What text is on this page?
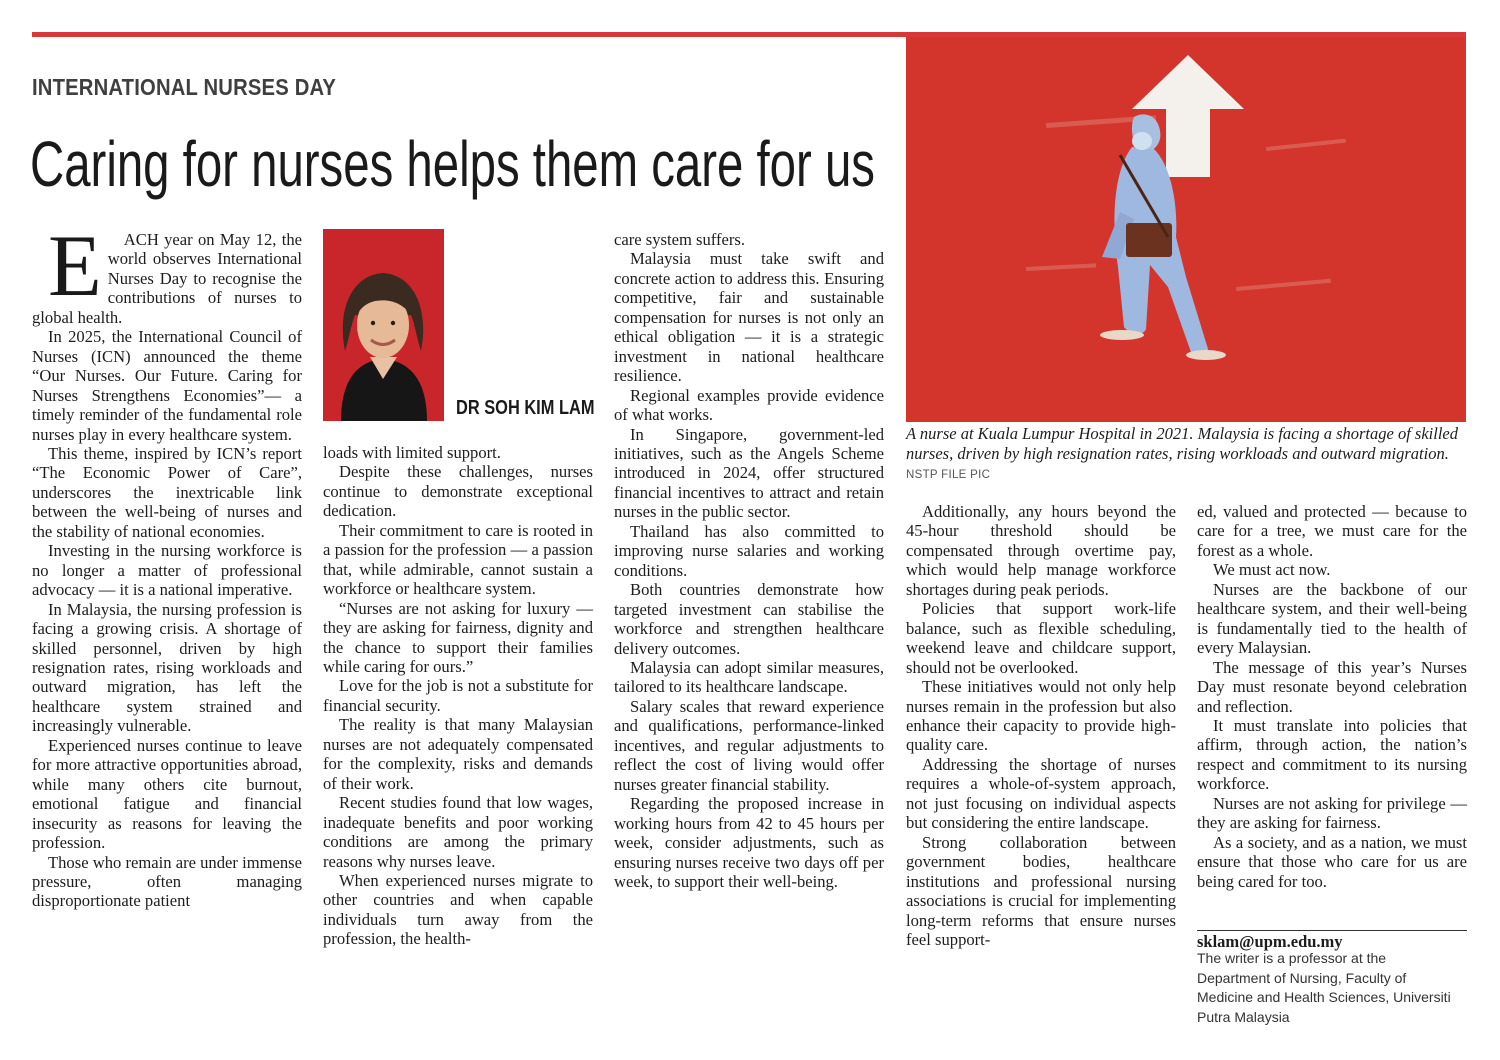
INTERNATIONAL NURSES DAY
Caring for nurses helps them care for us

E ACH year on May 12, the world observes International Nurses Day to recognise the contributions of nurses to global health.

In 2025, the International Council of Nurses (ICN) announced the theme “Our Nurses. Our Future. Caring for Nurses Strengthens Economies”— a timely reminder of the fundamental role nurses play in every healthcare system.

This theme, inspired by ICN’s report “The Economic Power of Care”, underscores the inextricable link between the well-being of nurses and the stability of national economies.

Investing in the nursing workforce is no longer a matter of professional advocacy — it is a national imperative.

In Malaysia, the nursing profession is facing a growing crisis. A shortage of skilled personnel, driven by high resignation rates, rising workloads and outward migration, has left the healthcare system strained and increasingly vulnerable.

Experienced nurses continue to leave for more attractive opportunities abroad, while many others cite burnout, emotional fatigue and financial insecurity as reasons for leaving the profession.

Those who remain are under immense pressure, often managing disproportionate patient

DR SOH KIM LAM

loads with limited support.

Despite these challenges, nurses continue to demonstrate exceptional dedication.

Their commitment to care is rooted in a passion for the profession — a passion that, while admirable, cannot sustain a workforce or healthcare system.

“Nurses are not asking for luxury — they are asking for fairness, dignity and the chance to support their families while caring for ours.”

Love for the job is not a substitute for financial security.

The reality is that many Malaysian nurses are not adequately compensated for the complexity, risks and demands of their work.

Recent studies found that low wages, inadequate benefits and poor working conditions are among the primary reasons why nurses leave.

When experienced nurses migrate to other countries and when capable individuals turn away from the profession, the health-

care system suffers.

Malaysia must take swift and concrete action to address this. Ensuring competitive, fair and sustainable compensation for nurses is not only an ethical obligation — it is a strategic investment in national healthcare resilience.

Regional examples provide evidence of what works.

In Singapore, government-led initiatives, such as the Angels Scheme introduced in 2024, offer structured financial incentives to attract and retain nurses in the public sector.

Thailand has also committed to improving nurse salaries and working conditions.

Both countries demonstrate how targeted investment can stabilise the workforce and strengthen healthcare delivery outcomes.

Malaysia can adopt similar measures, tailored to its healthcare landscape.

Salary scales that reward experience and qualifications, performance-linked incentives, and regular adjustments to reflect the cost of living would offer nurses greater financial stability.

Regarding the proposed increase in working hours from 42 to 45 hours per week, consider adjustments, such as ensuring nurses receive two days off per week, to support their well-being.

A nurse at Kuala Lumpur Hospital in 2021. Malaysia is facing a shortage of skilled nurses, driven by high resignation rates, rising workloads and outward migration. NSTP FILE PIC

Additionally, any hours beyond the 45-hour threshold should be compensated through overtime pay, which would help manage workforce shortages during peak periods.

Policies that support work-life balance, such as flexible scheduling, weekend leave and childcare support, should not be overlooked.

These initiatives would not only help nurses remain in the profession but also enhance their capacity to provide high-quality care.

Addressing the shortage of nurses requires a whole-of-system approach, not just focusing on individual aspects but considering the entire landscape.

Strong collaboration between government bodies, healthcare institutions and professional nursing associations is crucial for implementing long-term reforms that ensure nurses feel support-

ed, valued and protected — because to care for a tree, we must care for the forest as a whole.

We must act now.

Nurses are the backbone of our healthcare system, and their well-being is fundamentally tied to the health of every Malaysian.

The message of this year’s Nurses Day must resonate beyond celebration and reflection.

It must translate into policies that affirm, through action, the nation’s respect and commitment to its nursing workforce.

Nurses are not asking for privilege — they are asking for fairness.

As a society, and as a nation, we must ensure that those who care for us are being cared for too.

sklam@upm.edu.my

The writer is a professor at the Department of Nursing, Faculty of Medicine and Health Sciences, Universiti Putra Malaysia
